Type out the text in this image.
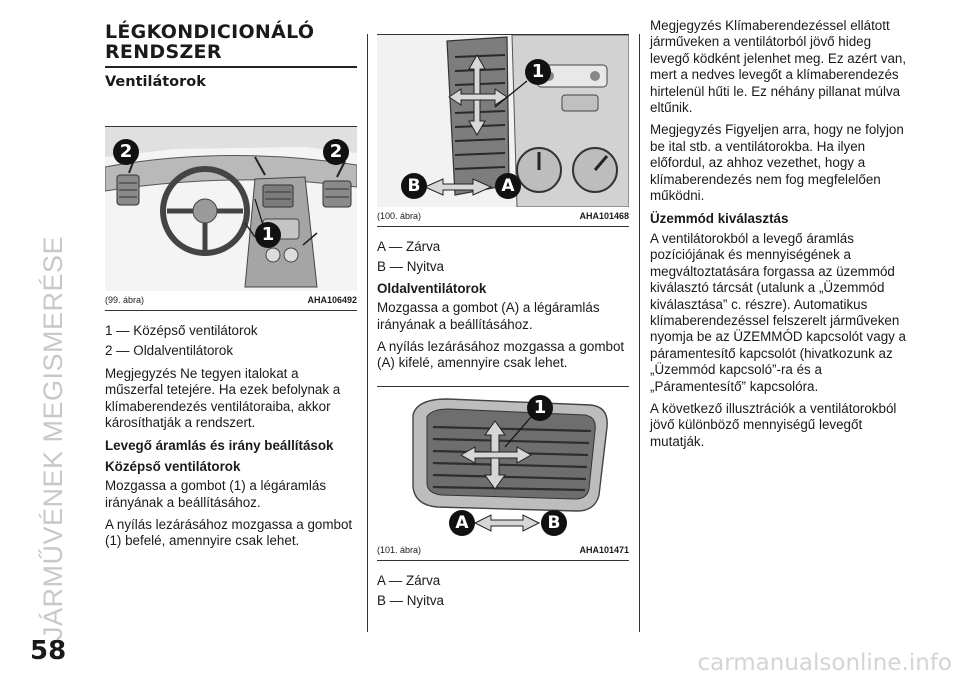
JÁRMŰVÉNEK MEGISMERÉSE
LÉGKONDICIONÁLÓ
RENDSZER
Ventilátorok
2	2
1
(99. ábra)	AHA106492
1 — Középső ventilátorok
2 — Oldalventilátorok

Megjegyzés Ne tegyen italokat a műszerfal tetejére. Ha ezek befolynak a klímaberendezés ventilátoraiba, akkor károsíthatják a rendszert.

Levegő áramlás és irány beállítások
Középső ventilátorok

Mozgassa a gombot (1) a légáramlás irányának a beállításához.

A nyílás lezárásához mozgassa a gombot (1) befelé, amennyire csak lehet.

1
B	A
(100. ábra)	AHA101468
A — Zárva
B — Nyitva
Oldalventilátorok

Mozgassa a gombot (A) a légáramlás irányának a beállításához.

A nyílás lezárásához mozgassa a gombot (A) kifelé, amennyire csak lehet.

1
A	B
(101. ábra)	AHA101471
A — Zárva
B — Nyitva

Megjegyzés Klímaberendezéssel ellátott járműveken a ventilátorból jövő hideg levegő ködként jelenhet meg. Ez azért van, mert a nedves levegőt a klímaberendezés hirtelenül hűti le. Ez néhány pillanat múlva eltűnik.

Megjegyzés Figyeljen arra, hogy ne folyjon be ital stb. a ventilátorokba. Ha ilyen előfordul, az ahhoz vezethet, hogy a klímaberendezés nem fog megfelelően működni.

Üzemmód kiválasztás

A ventilátorokból a levegő áramlás pozíciójának és mennyiségének a megváltoztatására forgassa az üzemmód kiválasztó tárcsát (utalunk a „Üzemmód kiválasztása” c. részre). Automatikus klímaberendezéssel felszerelt járműveken nyomja be az ÜZEMMÓD kapcsolót vagy a páramentesítő kapcsolót (hivatkozunk az „Üzemmód kapcsoló”-ra és a „Páramentesítő” kapcsolóra.

A következő illusztrációk a ventilátorokból jövő különböző mennyiségű levegőt mutatják.

58	carmanualsonline.info
